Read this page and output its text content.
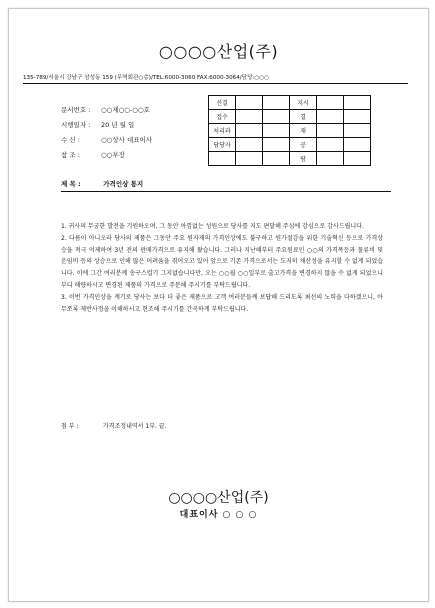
○○○○산업(주)
135-789/서울시 강남구 삼성동 159 (무역회관○층)/TEL:6000-3060 FAX:6000-3064/담당:○○○
문서번호 :	○○제○○-○○호
시행일자 :	20 년 월 일
수 신 :	○○상사 대표이사
참 조 :	○○부장
선결			지시		
접수			결		
처리과			재		
담당자			공		
			람		
제 목 :	가격인상 통지

1. 귀사의 무궁한 발전을 기원하오며, 그 동안 아낌없는 성원으로 당사를 지도 편달해 주심에 감심으로 감사드립니다.

2. 다름이 아니오라 당사의 제품은 그동안 주요 원자재의 가격인상에도 불구하고 원가절감을 위한 기술혁신 등으로 가격상승을 적극 억제하여 3년 전의 판매가격으로 유지해 왔습니다. 그러나 지난해부터 주요원료인 ○○의 가격폭등과 물류비 및 운임비 등의 상승으로 인해 많은 어려움을 겪어오고 있어 앞으로 기존 가격으로서는 도저히 채산성을 유지할 수 없게 되었습니다. 이에 그간 여러분께 송구스럽기 그지없습니다만, 오는 ○○월 ○○일부로 출고가격을 변경하지 않을 수 없게 되었으니 부디 해량하시고 변경된 제품의 가격으로 주문해 주시기를 부탁드립니다.

3. 이번 가격인상을 계기로 당사는 보다 더 좋은 제품으로 고객 여러분들께 보답해 드리도록 최선의 노력을 다하겠으니, 아무쪼록 제반사정을 이해하시고 현조해 주시기를 간곡하게 부탁드립니다.

첨 부 :	가격조정내역서 1부. 끝.
○○○○산업(주)
대표이사 ○ ○ ○
